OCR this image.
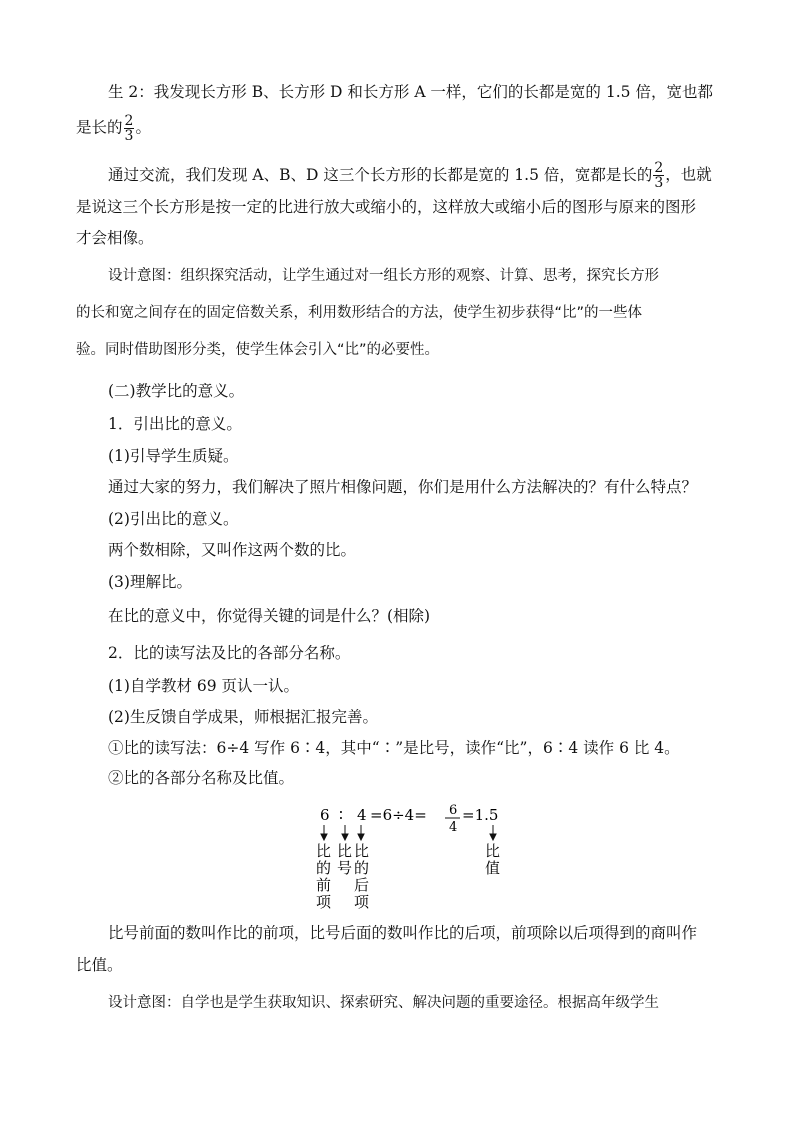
生 2：我发现长方形 B、长方形 D 和长方形 A 一样，它们的长都是宽的 1.5 倍，宽也都
是长的 $\frac{2}{3}$ 。
通过交流，我们发现 A、B、D 这三个长方形的长都是宽的 1.5 倍，宽都是长的 $\frac{2}{3}$ ，也就
是说这三个长方形是按一定的比进行放大或缩小的，这样放大或缩小后的图形与原来的图形
才会相像。
设计意图：组织探究活动，让学生通过对一组长方形的观察、计算、思考，探究长方形
的长和宽之间存在的固定倍数关系，利用数形结合的方法，使学生初步获得“比”的一些体
验。同时借助图形分类，使学生体会引入“比”的必要性。
(二)教学比的意义。
1．引出比的意义。
(1)引导学生质疑。
通过大家的努力，我们解决了照片相像问题，你们是用什么方法解决的？有什么特点？
(2)引出比的意义。
两个数相除，又叫作这两个数的比。
(3)理解比。
在比的意义中，你觉得关键的词是什么？(相除)
2．比的读写法及比的各部分名称。
(1)自学教材 69 页认一认。
(2)生反馈自学成果，师根据汇报完善。
①比的读写法：6÷4 写作 6∶4，其中“∶”是比号，读作“比”，6∶4 读作 6 比 4。
②比的各部分名称及比值。
6 ∶ 4 =6÷4= 6
4
=1.5
比
的
前
项
比
号
比
的
后
项
比
值
比号前面的数叫作比的前项，比号后面的数叫作比的后项，前项除以后项得到的商叫作
比值。
设计意图：自学也是学生获取知识、探索研究、解决问题的重要途径。根据高年级学生
